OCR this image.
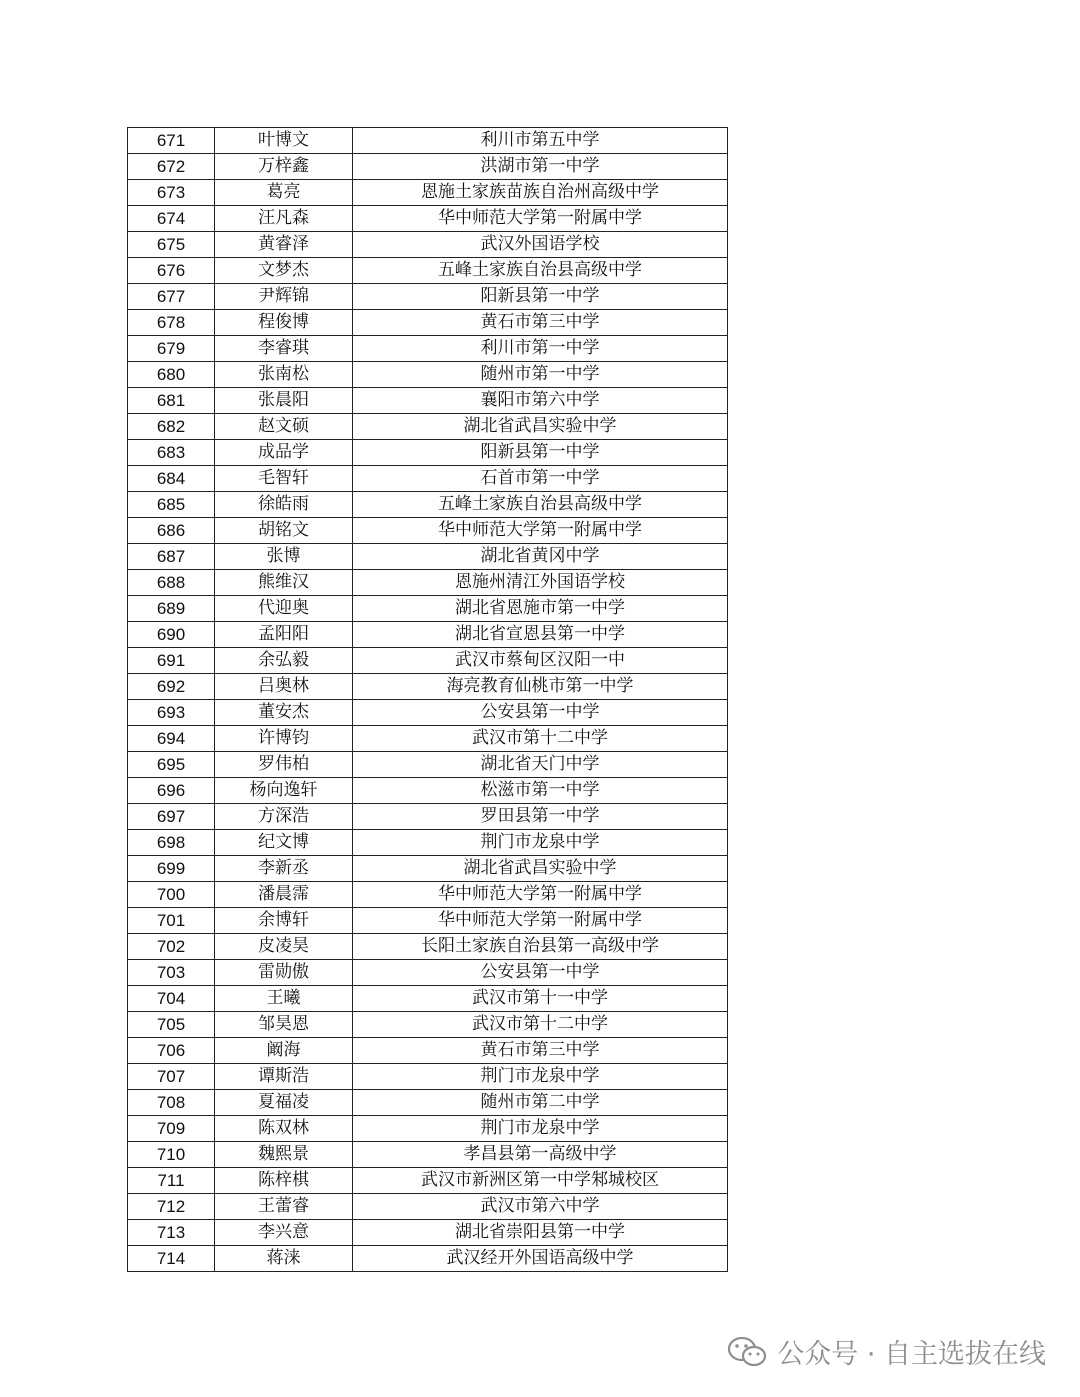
671	叶博文	利川市第五中学
672	万梓鑫	洪湖市第一中学
673	葛亮	恩施土家族苗族自治州高级中学
674	汪凡森	华中师范大学第一附属中学
675	黄睿泽	武汉外国语学校
676	文梦杰	五峰土家族自治县高级中学
677	尹辉锦	阳新县第一中学
678	程俊博	黄石市第三中学
679	李睿琪	利川市第一中学
680	张南松	随州市第一中学
681	张晨阳	襄阳市第六中学
682	赵文硕	湖北省武昌实验中学
683	成品学	阳新县第一中学
684	毛智轩	石首市第一中学
685	徐皓雨	五峰土家族自治县高级中学
686	胡铭文	华中师范大学第一附属中学
687	张博	湖北省黄冈中学
688	熊维汉	恩施州清江外国语学校
689	代迎奥	湖北省恩施市第一中学
690	孟阳阳	湖北省宣恩县第一中学
691	余弘毅	武汉市蔡甸区汉阳一中
692	吕奥林	海亮教育仙桃市第一中学
693	董安杰	公安县第一中学
694	许博钧	武汉市第十二中学
695	罗伟柏	湖北省天门中学
696	杨向逸轩	松滋市第一中学
697	方深浩	罗田县第一中学
698	纪文博	荆门市龙泉中学
699	李新丞	湖北省武昌实验中学
700	潘晨霈	华中师范大学第一附属中学
701	余博轩	华中师范大学第一附属中学
702	皮凌昊	长阳土家族自治县第一高级中学
703	雷勋傲	公安县第一中学
704	王曦	武汉市第十一中学
705	邹昊恩	武汉市第十二中学
706	阚海	黄石市第三中学
707	谭斯浩	荆门市龙泉中学
708	夏福凌	随州市第二中学
709	陈双林	荆门市龙泉中学
710	魏熙景	孝昌县第一高级中学
711	陈梓棋	武汉市新洲区第一中学邾城校区
712	王蕾睿	武汉市第六中学
713	李兴意	湖北省崇阳县第一中学
714	蒋涞	武汉经开外国语高级中学
公众号 · 自主选拔在线
